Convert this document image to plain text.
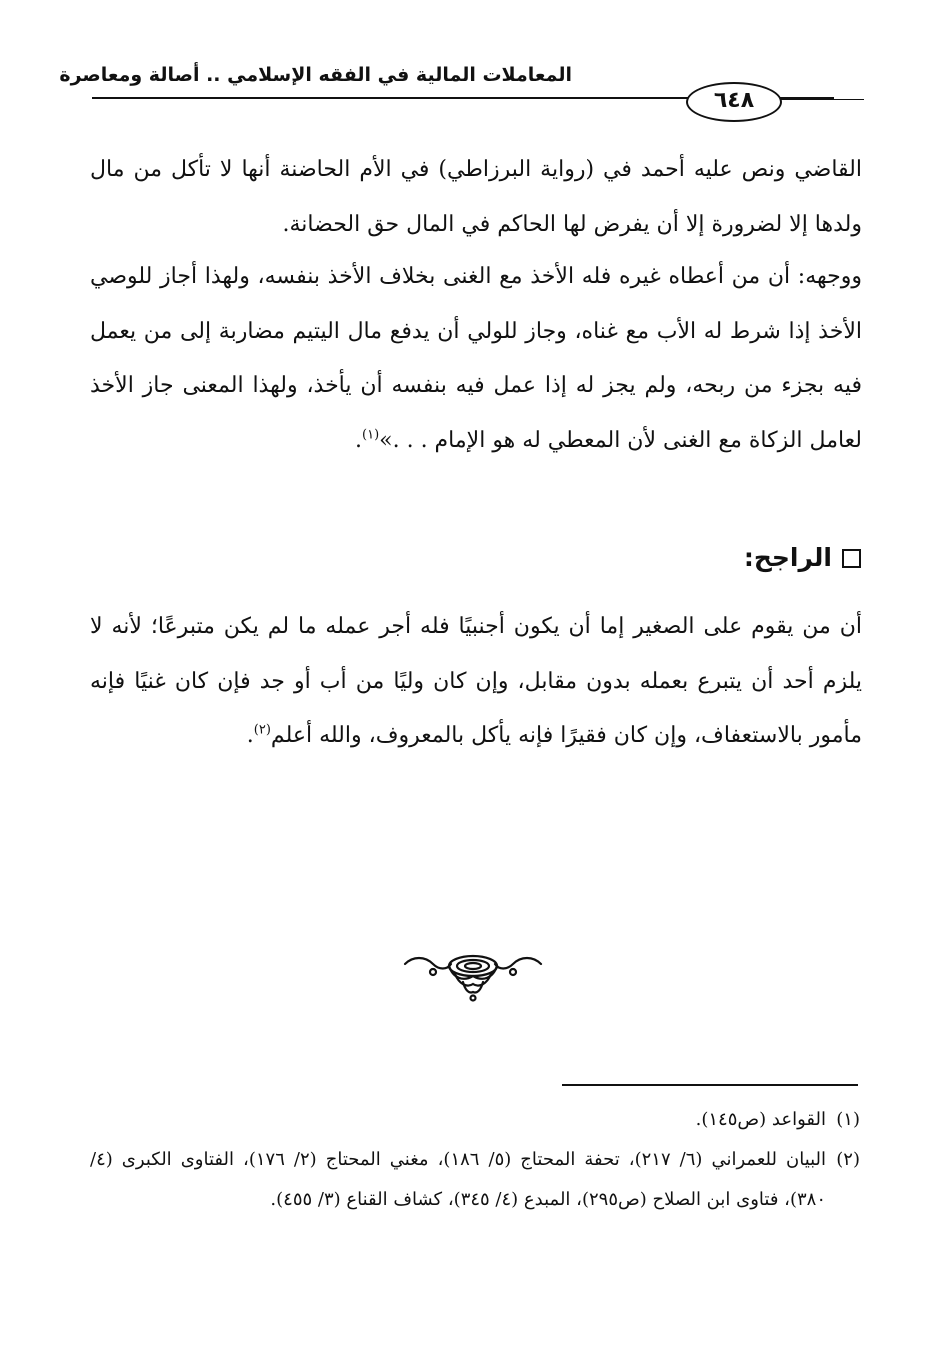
المعاملات المالية في الفقه الإسلامي .. أصالة ومعاصرة
٦٤٨
القاضي ونص عليه أحمد في (رواية البرزاطي) في الأم الحاضنة أنها لا تأكل من مال ولدها إلا لضرورة إلا أن يفرض لها الحاكم في المال حق الحضانة.
ووجهه: أن من أعطاه غيره فله الأخذ مع الغنى بخلاف الأخذ بنفسه، ولهذا أجاز للوصي الأخذ إذا شرط له الأب مع غناه، وجاز للولي أن يدفع مال اليتيم مضاربة إلى من يعمل فيه بجزء من ربحه، ولم يجز له إذا عمل فيه بنفسه أن يأخذ، ولهذا المعنى جاز الأخذ لعامل الزكاة مع الغنى لأن المعطي له هو الإمام . . .»$^{(١)}$.
الراجح:
أن من يقوم على الصغير إما أن يكون أجنبيًا فله أجر عمله ما لم يكن متبرعًا؛ لأنه لا يلزم أحد أن يتبرع بعمله بدون مقابل، وإن كان وليًا من أب أو جد فإن كان غنيًا فإنه مأمور بالاستعفاف، وإن كان فقيرًا فإنه يأكل بالمعروف، والله أعلم$^{(٢)}$.
(١)
القواعد (ص١٤٥).
(٢)
البيان للعمراني (٦/ ٢١٧)، تحفة المحتاج (٥/ ١٨٦)، مغني المحتاج (٢/ ١٧٦)، الفتاوى الكبرى (٤/ ٣٨٠)، فتاوى ابن الصلاح (ص٢٩٥)، المبدع (٤/ ٣٤٥)، كشاف القناع (٣/ ٤٥٥).
